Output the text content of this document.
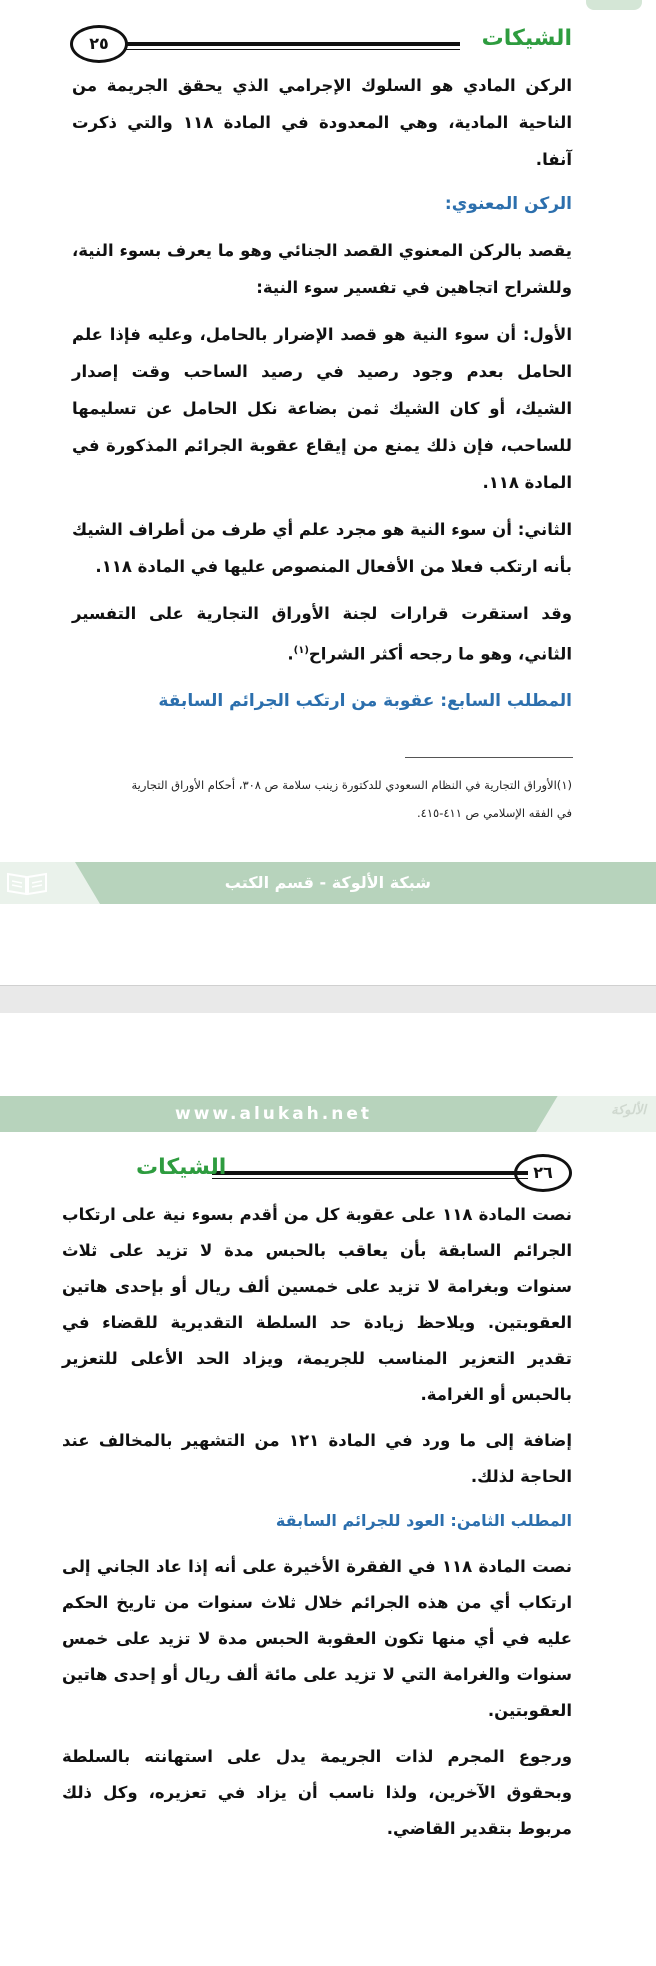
الشيكات
٢٥

الركن المادي هو السلوك الإجرامي الذي يحقق الجريمة من الناحية المادية، وهي المعدودة في المادة ١١٨ والتي ذكرت آنفا.

الركن المعنوي:

يقصد بالركن المعنوي القصد الجنائي وهو ما يعرف بسوء النية، وللشراح اتجاهين في تفسير سوء النية:

الأول: أن سوء النية هو قصد الإضرار بالحامل، وعليه فإذا علم الحامل بعدم وجود رصيد في رصيد الساحب وقت إصدار الشيك، أو كان الشيك ثمن بضاعة نكل الحامل عن تسليمها للساحب، فإن ذلك يمنع من إيقاع عقوبة الجرائم المذكورة في المادة ١١٨.

الثاني: أن سوء النية هو مجرد علم أي طرف من أطراف الشيك بأنه ارتكب فعلا من الأفعال المنصوص عليها في المادة ١١٨.

وقد استقرت قرارات لجنة الأوراق التجارية على التفسير الثاني، وهو ما رجحه أكثر الشراح$^{(١)}$.

المطلب السابع: عقوبة من ارتكب الجرائم السابقة

(١)الأوراق التجارية في النظام السعودي للدكتورة زينب سلامة ص ٣٠٨، أحكام الأوراق التجارية
في الفقه الإسلامي ص ٤١١-٤١٥.
شبكة الألوكة - قسم الكتب
www.alukah.net	الألوكة
٢٦
الشيكات

نصت المادة ١١٨ على عقوبة كل من أقدم بسوء نية على ارتكاب الجرائم السابقة بأن يعاقب بالحبس مدة لا تزيد على ثلاث سنوات وبغرامة لا تزيد على خمسين ألف ريال أو بإحدى هاتين العقوبتين. ويلاحظ زيادة حد السلطة التقديرية للقضاء في تقدير التعزير المناسب للجريمة، ويزاد الحد الأعلى للتعزير بالحبس أو الغرامة.

إضافة إلى ما ورد في المادة ١٢١ من التشهير بالمخالف عند الحاجة لذلك.

المطلب الثامن: العود للجرائم السابقة

نصت المادة ١١٨ في الفقرة الأخيرة على أنه إذا عاد الجاني إلى ارتكاب أي من هذه الجرائم خلال ثلاث سنوات من تاريخ الحكم عليه في أي منها تكون العقوبة الحبس مدة لا تزيد على خمس سنوات والغرامة التي لا تزيد على مائة ألف ريال أو إحدى هاتين العقوبتين.

ورجوع المجرم لذات الجريمة يدل على استهانته بالسلطة وبحقوق الآخرين، ولذا ناسب أن يزاد في تعزيره، وكل ذلك مربوط بتقدير القاضي.
